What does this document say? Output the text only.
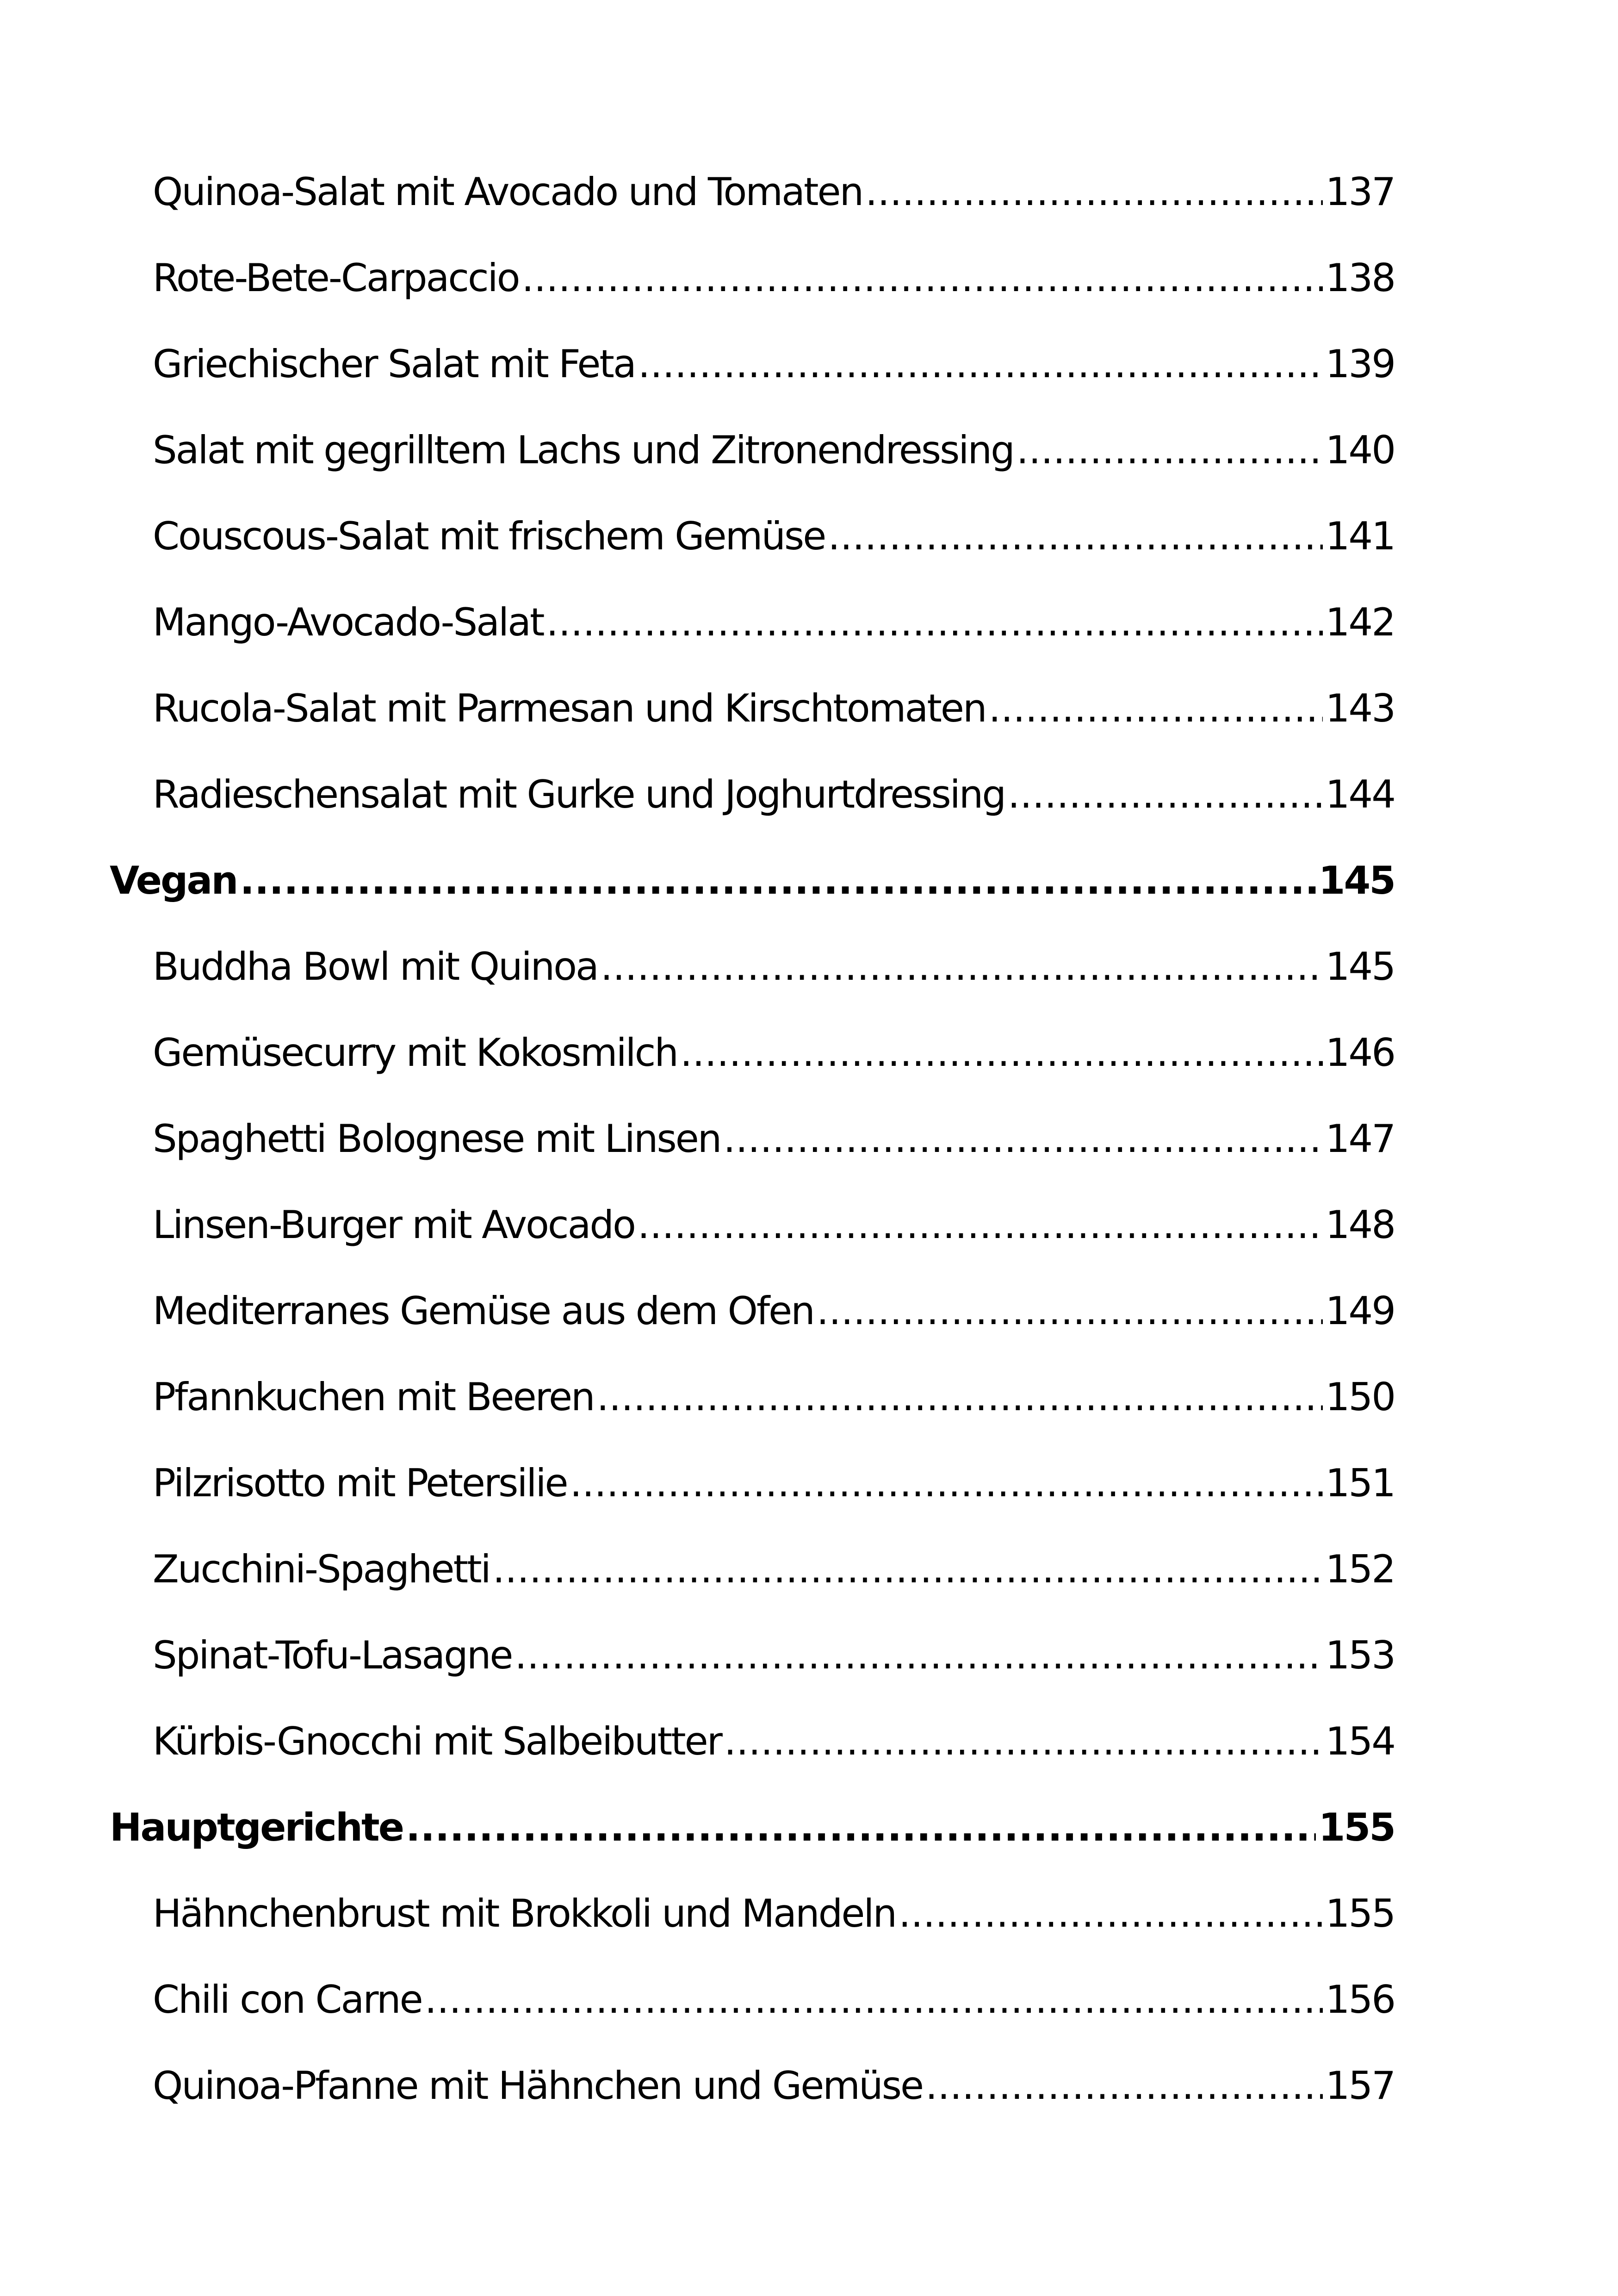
Quinoa-Salat mit Avocado und Tomaten .....	137
Rote-Bete-Carpaccio .....	138
Griechischer Salat mit Feta .....	139
Salat mit gegrilltem Lachs und Zitronendressing .....	140
Couscous-Salat mit frischem Gemüse .....	141
Mango-Avocado-Salat .....	142
Rucola-Salat mit Parmesan und Kirschtomaten .....	143
Radieschensalat mit Gurke und Joghurtdressing .....	144
Vegan .....	145
Buddha Bowl mit Quinoa .....	145
Gemüsecurry mit Kokosmilch .....	146
Spaghetti Bolognese mit Linsen .....	147
Linsen-Burger mit Avocado .....	148
Mediterranes Gemüse aus dem Ofen .....	149
Pfannkuchen mit Beeren .....	150
Pilzrisotto mit Petersilie .....	151
Zucchini-Spaghetti .....	152
Spinat-Tofu-Lasagne .....	153
Kürbis-Gnocchi mit Salbeibutter .....	154
Hauptgerichte .....	155
Hähnchenbrust mit Brokkoli und Mandeln .....	155
Chili con Carne .....	156
Quinoa-Pfanne mit Hähnchen und Gemüse .....	157
